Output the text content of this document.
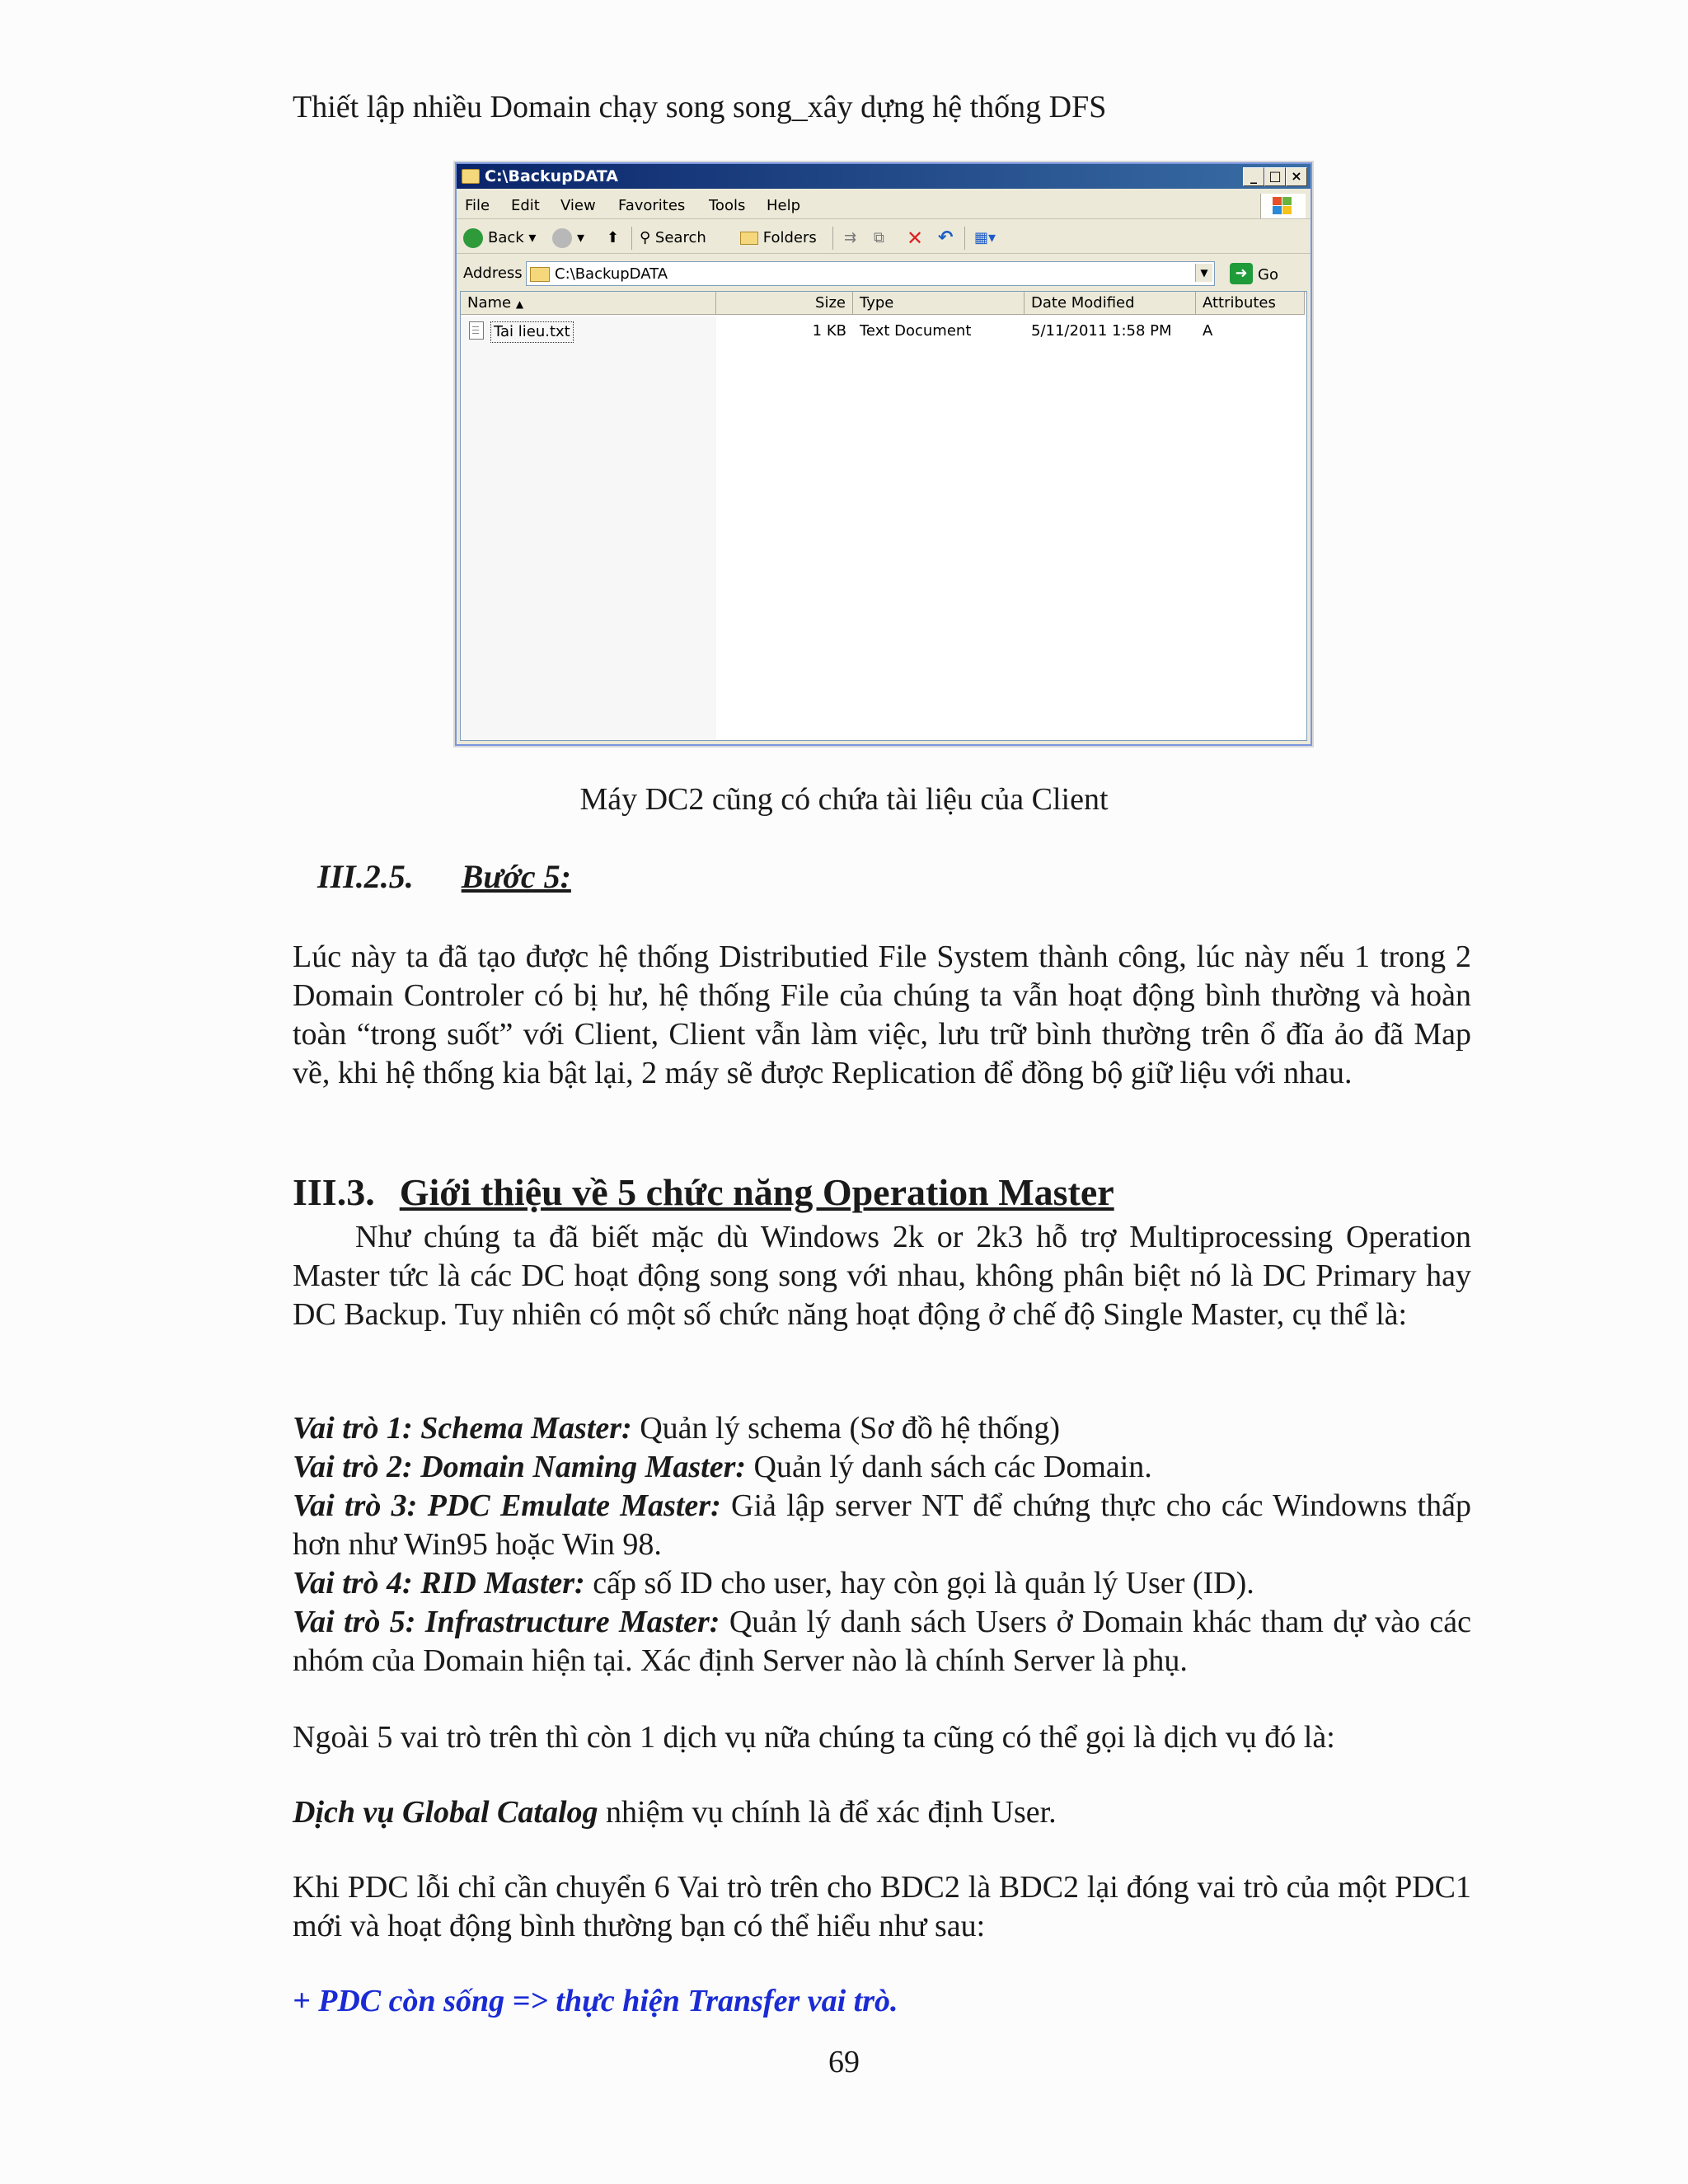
Thiết lập nhiều Domain chạy song song_xây dựng hệ thống DFS
C:\BackupDATA	_ □ ×
File Edit View Favorites Tools Help
Back ▾	▾ ⬆ ⚲ Search	Folders ⇉ ⧉ ✕ ↶ ▦▾
Address C:\BackupDATA	▼	➜ Go
Name ▲	Size Type	Date Modified	Attributes
Tai lieu.txt	1 KB Text Document	5/11/2011 1:58 PM A
Máy DC2 cũng có chứa tài liệu của Client
III.2.5. Bước 5:
Lúc này ta đã tạo được hệ thống Distributied File System thành công, lúc này nếu 1 trong 2 Domain Controler có bị hư, hệ thống File của chúng ta vẫn hoạt động bình thường và hoàn toàn “trong suốt” với Client, Client vẫn làm việc, lưu trữ bình thường trên ổ đĩa ảo đã Map về, khi hệ thống kia bật lại, 2 máy sẽ được Replication để đồng bộ giữ liệu với nhau.
III.3. Giới thiệu về 5 chức năng Operation Master
Như chúng ta đã biết mặc dù Windows 2k or 2k3 hỗ trợ Multiprocessing Operation Master tức là các DC hoạt động song song với nhau, không phân biệt nó là DC Primary hay DC Backup. Tuy nhiên có một số chức năng hoạt động ở chế độ Single Master, cụ thể là:
Vai trò 1: Schema Master: Quản lý schema (Sơ đồ hệ thống)
Vai trò 2: Domain Naming Master: Quản lý danh sách các Domain.
Vai trò 3: PDC Emulate Master: Giả lập server NT để chứng thực cho các Windowns thấp hơn như Win95 hoặc Win 98.
Vai trò 4: RID Master: cấp số ID cho user, hay còn gọi là quản lý User (ID).
Vai trò 5: Infrastructure Master: Quản lý danh sách Users ở Domain khác tham dự vào các nhóm của Domain hiện tại. Xác định Server nào là chính Server là phụ.
Ngoài 5 vai trò trên thì còn 1 dịch vụ nữa chúng ta cũng có thể gọi là dịch vụ đó là:
Dịch vụ Global Catalog nhiệm vụ chính là để xác định User.
Khi PDC lỗi chỉ cần chuyển 6 Vai trò trên cho BDC2 là BDC2 lại đóng vai trò của một PDC1 mới và hoạt động bình thường bạn có thể hiểu như sau:
+ PDC còn sống => thực hiện Transfer vai trò.
69
